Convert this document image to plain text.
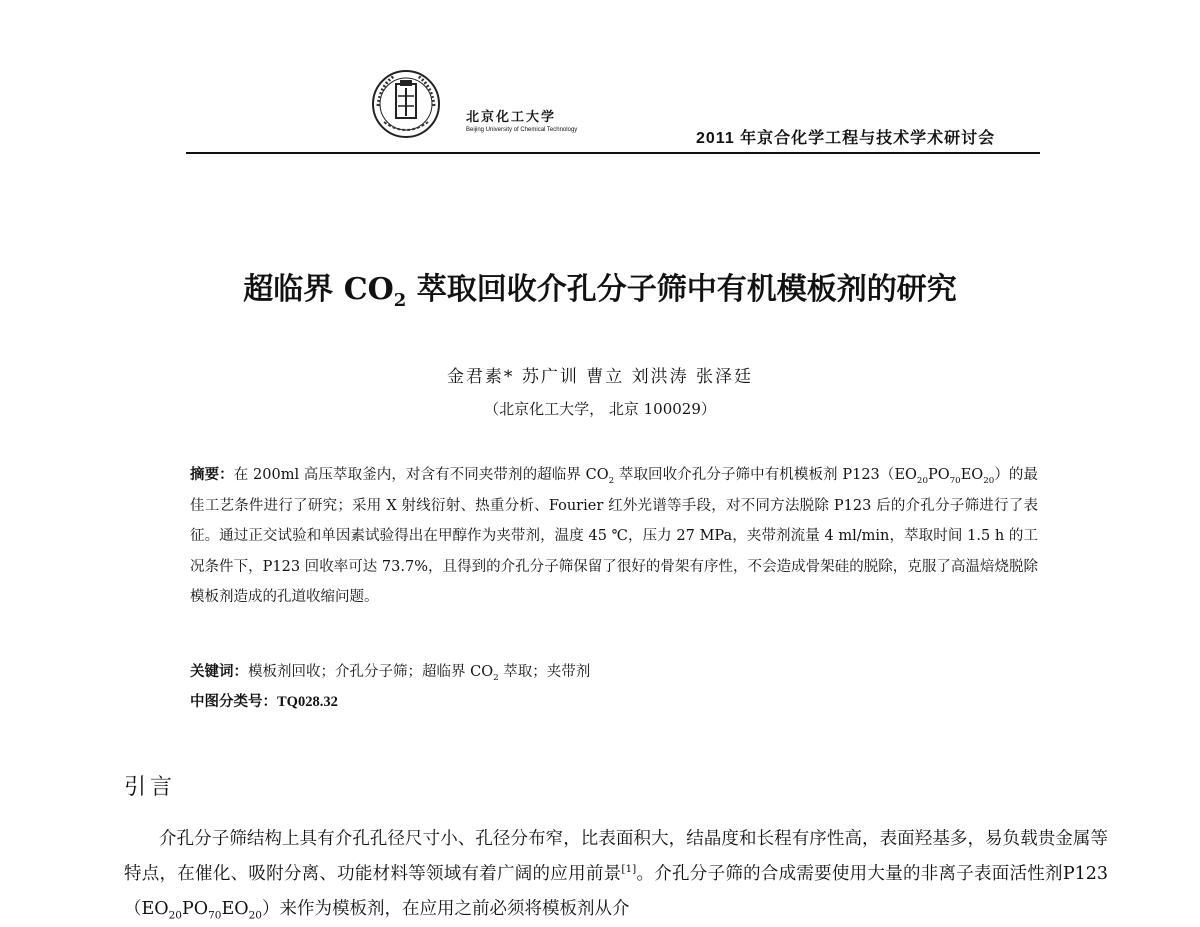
北京化工大学
Beijing University of Chemical Technology	2011 年京合化学工程与技术学术研讨会
超临界 $CO_2$ 萃取回收介孔分子筛中有机模板剂的研究
金君素* 苏广训 曹立 刘洪涛 张泽廷
（北京化工大学， 北京 100029）

摘要：在 200ml 高压萃取釜内，对含有不同夹带剂的超临界 $CO_2$ 萃取回收介孔分子筛中有机模板剂 $P123(EO_{20}PO_{70}EO_{20})$的最佳工艺条件进行了研究；采用 X 射线衍射、热重分析、Fourier 红外光谱等手段，对不同方法脱除 P123 后的介孔分子筛进行了表征。通过正交试验和单因素试验得出在甲醇作为夹带剂，温度 45 ℃，压力 27 MPa，夹带剂流量 4 ml/min，萃取时间 1.5 h 的工况条件下，P123 回收率可达 73.7%，且得到的介孔分子筛保留了很好的骨架有序性，不会造成骨架硅的脱除，克服了高温焙烧脱除模板剂造成的孔道收缩问题。

关键词：模板剂回收；介孔分子筛；超临界 $CO_2$ 萃取；夹带剂
中图分类号：TQ028.32
引言
介孔分子筛结构上具有介孔孔径尺寸小、孔径分布窄，比表面积大，结晶度和长程有序性高，表面羟基多，易负载贵金属等特点，在催化、吸附分离、功能材料等领域有着广阔的应用前景[1]。介孔分子筛的合成需要使用大量的非离子表面活性剂$P123(EO_{20}PO_{70}EO_{20})$来作为模板剂，在应用之前必须将模板剂从介
